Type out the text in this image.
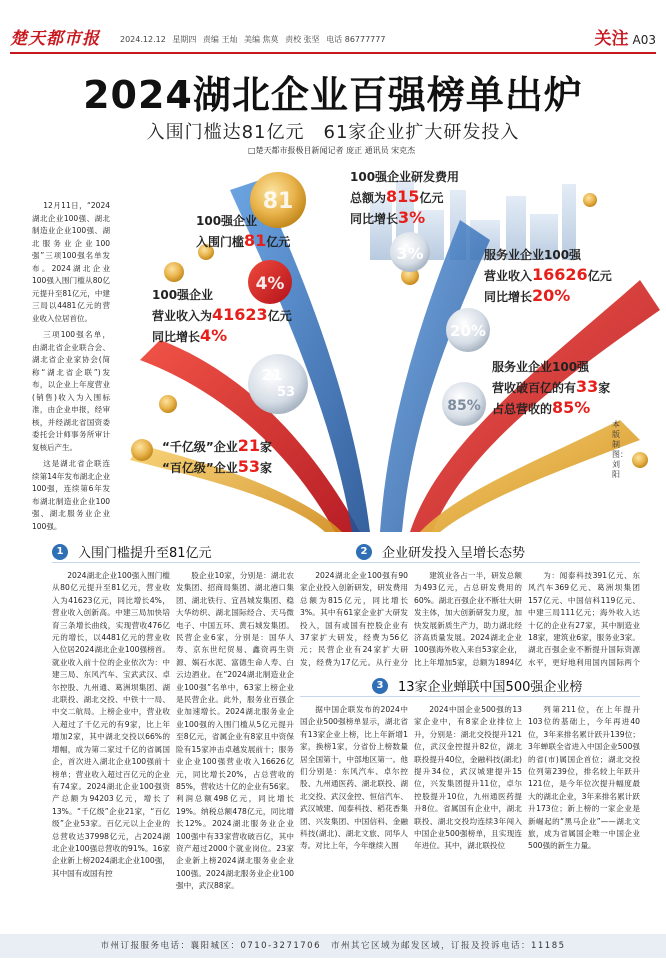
楚天都市报	2024.12.12 星期四 责编 王灿 美编 焦莫 责校 张坚 电话 86777777	关注 A03
2024湖北企业百强榜单出炉
入围门槛达81亿元　61家企业扩大研发投入
□楚天都市报极目新闻记者 庞正 通讯员 宋克杰

12月11日，“2024湖北企业100强、湖北制造业企业100强、湖北服务业企业100强”三项100强名单发布。2024湖北企业100强入围门槛从80亿元提升至81亿元，中建三局以4481亿元的营业收入位居首位。

三项100强名单，由湖北省企业联合会、湖北省企业家协会(简称“湖北省企联”)发布，以企业上年度营业(销售)收入为入围标准，由企业申报，经审核，并经湖北省国资委委托会计师事务所审计复核后产生。

这是湖北省企联连续第14年发布湖北企业100强，连续第6年发布湖北制造业企业100强、湖北服务业企业100强。

81
4%
21
53
3%
20%
85%
100强企业
入围门槛81亿元
100强企业
营业收入为41623亿元
同比增长4%
100强企业研发费用
总额为815亿元
同比增长3%
服务业企业100强
营业收入16626亿元
同比增长20%
服务业企业100强
营收破百亿的有33家
占总营收的85%
“千亿级”企业21家
“百亿级”企业53家
本版制图：刘阳
1	入围门槛提升至81亿元

2024湖北企业100强入围门槛从80亿元提升至81亿元，营业收入为41623亿元，同比增长4%，营业收入创新高。中建三局加快培育三条增长曲线，实现营收476亿元的增长，以4481亿元的营业收入位居2024湖北企业100强榜首。就业收入前十位的企业依次为：中建三局、东风汽车、宝武武汉、卓尔控股、九州通、葛洲坝集团、湖北联投、湖北交投、中铁十一局、中交二航局。上榜企业中，营业收入超过了千亿元的有9家，比上年增加2家，其中湖北交投以66%的增幅，成为第二家过千亿的省属国企，首次进入湖北企业100强前十榜单；营业收入超过百亿元的企业有74家。2024湖北企业100强资产总额为94203亿元，增长了13%。“千亿级”企业21家，“百亿级”企业53家。百亿元以上企业的总营收达37998亿元，占2024湖北企业100强总营收的91%。16家企业新上榜2024湖北企业100强，其中国有或国有控

股企业10家，分别是：湖北农发集团、招商局集团、湖北港口集团、湖北铁行、宜昌城发集团、稳大华纺织、湖北国际经合、天马微电子、中国五环、黄石城发集团。民营企业6家，分别是：国华人寿、京东世纪贸易、鑫资再生资源、娲石水泥、富德生命人寿、白云边酒业。在“2024湖北制造业企业100强”名单中，63家上榜企业是民营企业。此外，服务业百强企业加速增长。2024湖北服务业企业100强的入围门槛从5亿元提升至8亿元，省属企业有8家且中资保险有15家冲击卓越发展前十；服务业企业100强营业收入16626亿元，同比增长20%，占总营收的85%，营收达十亿的企业有56家。利润总额498亿元，同比增长19%。纳税总额478亿元，同比增长12%。2024湖北服务业企业100强中有33家营收破百亿，其中资产超过2000个就业岗位。23家企业新上榜2024湖北服务业企业100强。2024湖北服务业企业100强中，武汉88家。

2	企业研发投入呈增长态势

2024湖北企业100强有90家企业投入创新研发，研发费用总额为815亿元，同比增长3%。其中有61家企业扩大研发投入，国有或国有控股企业有37家扩大研发，经费为56亿元；民营企业有24家扩大研发，经费为17亿元。从行业分

建筑业各占一半，研发总额为493亿元，占总研发费用的60%。湖北百强企业不断壮大研发主体，加大创新研发力度，加快发展新质生产力，助力湖北经济高质量发展。2024湖北企业100强海外收入来自53家企业，比上年增加5家，总额为1894亿

为：闻泰科技391亿元、东风汽车369亿元、葛洲坝集团157亿元、中国信科119亿元、中建三局111亿元；海外收入达十亿的企业有27家，其中制造业18家，建筑业6家，服务业3家。湖北百强企业不断提升国际资源水平，更好地利用国内国际两个

3	13家企业蝉联中国500强企业榜

据中国企联发布的2024中国企业500强榜单显示，湖北省有13家企业上榜，比上年新增1家，换榜1家，分省份上榜数量居全国第十，中部地区第一。他们分别是：东风汽车、卓尔控股、九州通医药、湖北联投、湖北交投、武汉金控、恒信汽车、武汉城建、闻泰科技、稻花香集团、兴发集团、中国信科、金融科技(湖北)、湖北文旅、同华人寿。对比上年，今年继续入围

2024中国企业500强的13家企业中，有8家企业排位上升，分别是：湖北交投提升121位，武汉金控提升82位，湖北联投提升40位，金融科技(湖北)提升34位，武汉城建提升15位，兴发集团提升11位，卓尔控股提升10位，九州通医药提升8位。省属国有企业中，湖北联投、湖北交投均连续3年闯入中国企业500强榜单，且实现连年进位。其中，湖北联投位

列第211位，在上年提升103位的基础上，今年再进40位，3年来排名累计跃升139位；3年蝉联全省进入中国企业500强的省(市)属国企首位；湖北交投位列第239位，排名较上年跃升121位，是今年位次提升幅度最大的湖北企业，3年来排名累计跃升173位；新上榜的一家企业是新崛起的“黑马企业”——湖北文旅，成为省属国企唯一中国企业500强的新生力量。

市州订报服务电话：襄阳城区：0710-3271706　市州其它区域为邮发区域，订报及投诉电话：11185
